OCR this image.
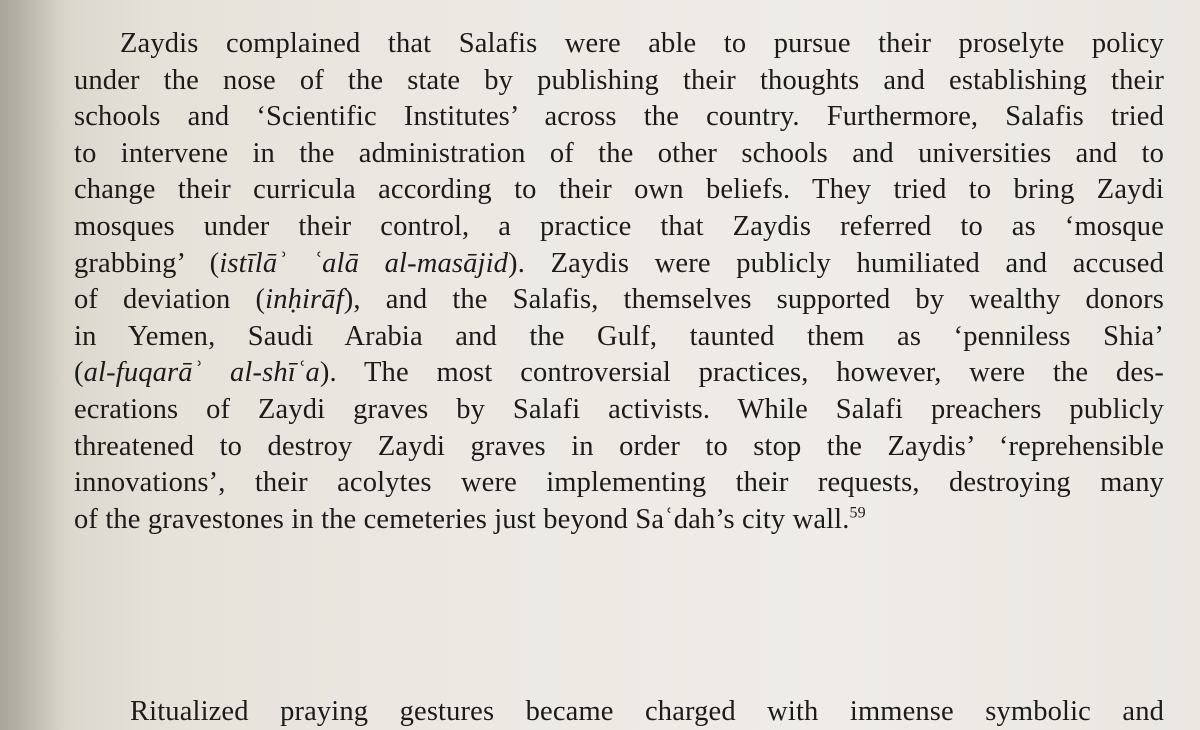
Zaydis complained that Salafis were able to pursue their proselyte policy
under the nose of the state by publishing their thoughts and establishing their
schools and ‘Scientific Institutes’ across the country. Furthermore, Salafis tried
to intervene in the administration of the other schools and universities and to
change their curricula according to their own beliefs. They tried to bring Zaydi
mosques under their control, a practice that Zaydis referred to as ‘mosque
grabbing’ (istīlāʾ ʿalā al-masājid). Zaydis were publicly humiliated and accused
of deviation (inḥirāf), and the Salafis, themselves supported by wealthy donors
in Yemen, Saudi Arabia and the Gulf, taunted them as ‘penniless Shia’
(al-fuqarāʾ al-shīʿa). The most controversial practices, however, were the des-
ecrations of Zaydi graves by Salafi activists. While Salafi preachers publicly
threatened to destroy Zaydi graves in order to stop the Zaydis’ ‘reprehensible
innovations’, their acolytes were implementing their requests, destroying many
of the gravestones in the cemeteries just beyond Saʿdah’s city wall.$^{59}$
Ritualized praying gestures became charged with immense symbolic and
